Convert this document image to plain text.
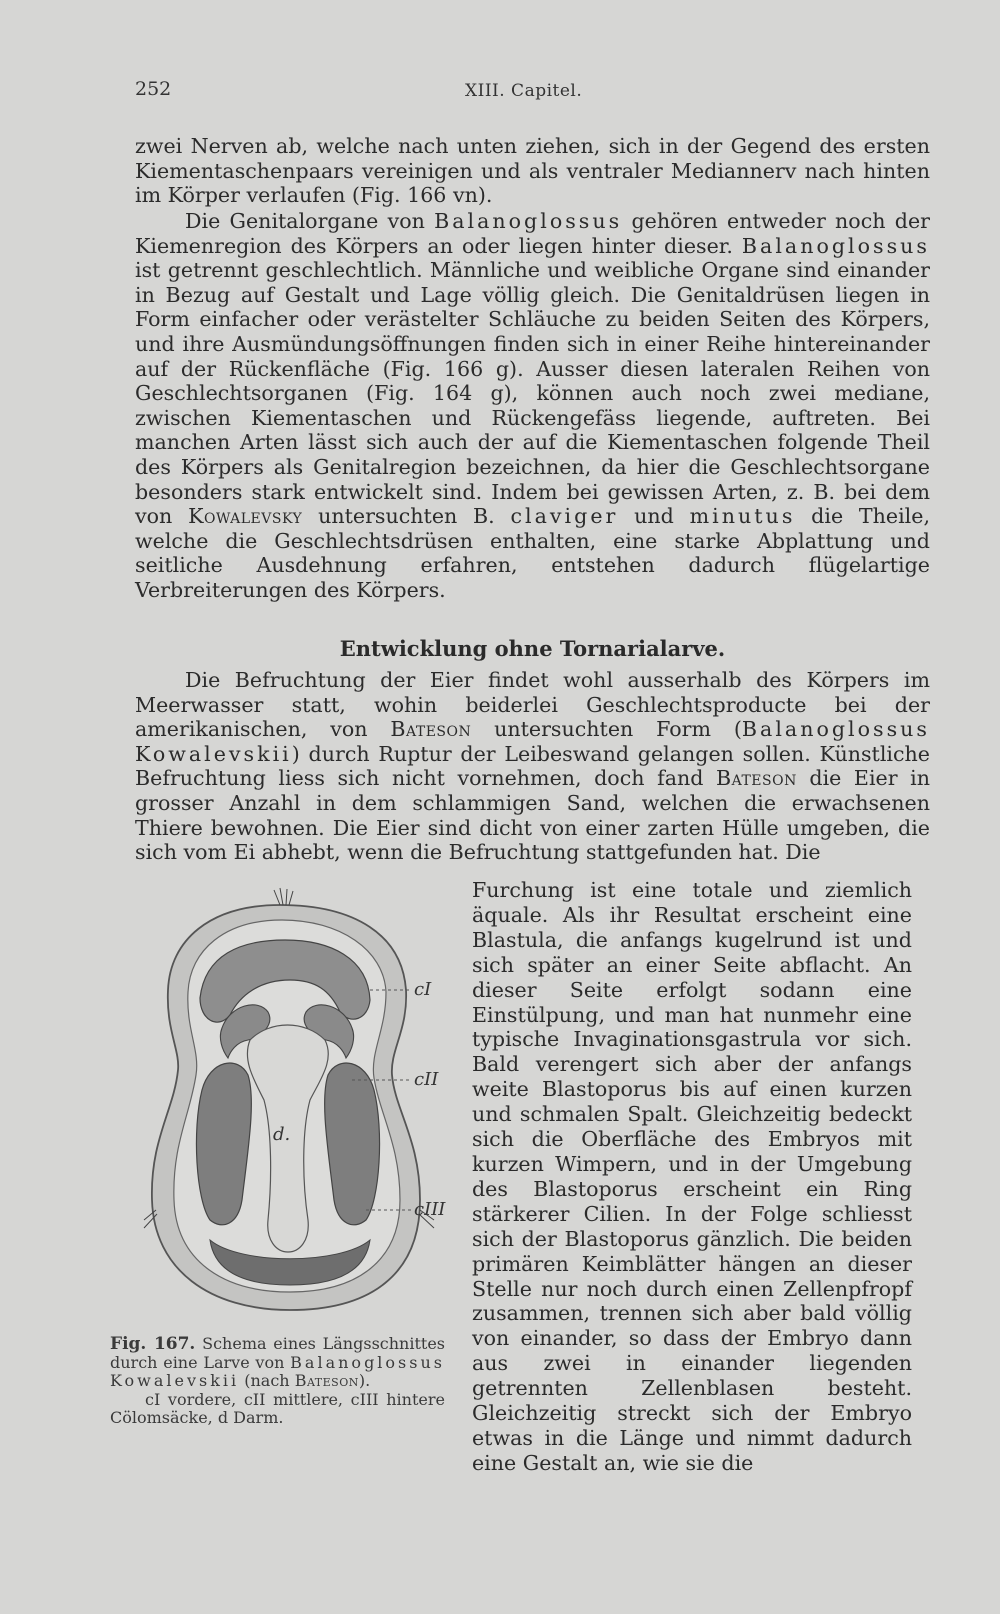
252	XIII. Capitel.

zwei Nerven ab, welche nach unten ziehen, sich in der Gegend des ersten Kiementaschenpaars vereinigen und als ventraler Mediannerv nach hinten im Körper verlaufen (Fig. 166 vn).

Die Genitalorgane von Balanoglossus gehören entweder noch der Kiemenregion des Körpers an oder liegen hinter dieser. Balanoglossus ist getrennt geschlechtlich. Männliche und weibliche Organe sind einander in Bezug auf Gestalt und Lage völlig gleich. Die Genitaldrüsen liegen in Form einfacher oder verästelter Schläuche zu beiden Seiten des Körpers, und ihre Ausmündungsöffnungen finden sich in einer Reihe hintereinander auf der Rückenfläche (Fig. 166 g). Ausser diesen lateralen Reihen von Geschlechtsorganen (Fig. 164 g), können auch noch zwei mediane, zwischen Kiementaschen und Rückengefäss liegende, auftreten. Bei manchen Arten lässt sich auch der auf die Kiementaschen folgende Theil des Körpers als Genitalregion bezeichnen, da hier die Geschlechtsorgane besonders stark entwickelt sind. Indem bei gewissen Arten, z. B. bei dem von Kowalevsky untersuchten B. claviger und minutus die Theile, welche die Geschlechtsdrüsen enthalten, eine starke Abplattung und seitliche Ausdehnung erfahren, entstehen dadurch flügelartige Verbreiterungen des Körpers.

Entwicklung ohne Tornarialarve.

Die Befruchtung der Eier findet wohl ausserhalb des Körpers im Meerwasser statt, wohin beiderlei Geschlechtsproducte bei der amerikanischen, von Bateson untersuchten Form (Balanoglossus Kowalevskii) durch Ruptur der Leibeswand gelangen sollen. Künstliche Befruchtung liess sich nicht vornehmen, doch fand Bateson die Eier in grosser Anzahl in dem schlammigen Sand, welchen die erwachsenen Thiere bewohnen. Die Eier sind dicht von einer zarten Hülle umgeben, die sich vom Ei abhebt, wenn die Befruchtung stattgefunden hat. Die

cI
cII
cIII
d.
Fig. 167. Schema eines Längsschnittes durch eine Larve von Balanoglossus Kowalevskii (nach Bateson).
cI vordere, cII mittlere, cIII hintere Cölomsäcke, d Darm.

Furchung ist eine totale und ziemlich äquale. Als ihr Resultat erscheint eine Blastula, die anfangs kugelrund ist und sich später an einer Seite abflacht. An dieser Seite erfolgt sodann eine Einstülpung, und man hat nunmehr eine typische Invaginationsgastrula vor sich. Bald verengert sich aber der anfangs weite Blastoporus bis auf einen kurzen und schmalen Spalt. Gleichzeitig bedeckt sich die Oberfläche des Embryos mit kurzen Wimpern, und in der Umgebung des Blastoporus erscheint ein Ring stärkerer Cilien. In der Folge schliesst sich der Blastoporus gänzlich. Die beiden primären Keimblätter hängen an dieser Stelle nur noch durch einen Zellenpfropf zusammen, trennen sich aber bald völlig von einander, so dass der Embryo dann aus zwei in einander liegenden getrennten Zellenblasen besteht. Gleichzeitig streckt sich der Embryo etwas in die Länge und nimmt dadurch eine Gestalt an, wie sie die
